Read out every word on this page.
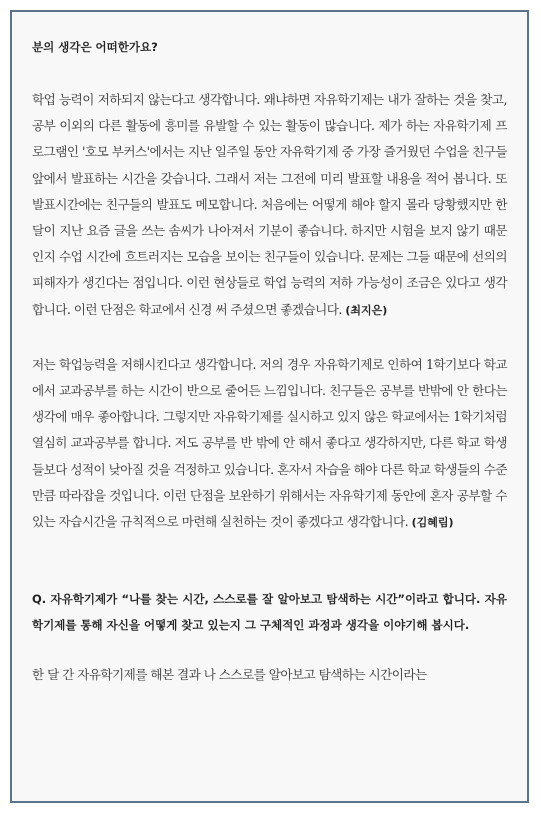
분의 생각은 어떠한가요?

학업 능력이 저하되지 않는다고 생각합니다. 왜냐하면 자유학기제는 내가 잘하는 것을 찾고, 공부 이외의 다른 활동에 흥미를 유발할 수 있는 활동이 많습니다. 제가 하는 자유학기제 프로그램인 '호모 부커스'에서는 지난 일주일 동안 자유학기제 중 가장 즐거웠던 수업을 친구들 앞에서 발표하는 시간을 갖습니다. 그래서 저는 그전에 미리 발표할 내용을 적어 봅니다. 또 발표시간에는 친구들의 발표도 메모합니다. 처음에는 어떻게 해야 할지 몰라 당황했지만 한 달이 지난 요즘 글을 쓰는 솜씨가 나아져서 기분이 좋습니다. 하지만 시험을 보지 않기 때문인지 수업 시간에 흐트러지는 모습을 보이는 친구들이 있습니다. 문제는 그들 때문에 선의의 피해자가 생긴다는 점입니다. 이런 현상들로 학업 능력의 저하 가능성이 조금은 있다고 생각합니다. 이런 단점은 학교에서 신경 써 주셨으면 좋겠습니다. (최지은)

저는 학업능력을 저해시킨다고 생각합니다. 저의 경우 자유학기제로 인하여 1학기보다 학교에서 교과공부를 하는 시간이 반으로 줄어든 느낌입니다. 친구들은 공부를 반밖에 안 한다는 생각에 매우 좋아합니다. 그렇지만 자유학기제를 실시하고 있지 않은 학교에서는 1학기처럼 열심히 교과공부를 합니다. 저도 공부를 반 밖에 안 해서 좋다고 생각하지만, 다른 학교 학생들보다 성적이 낮아질 것을 걱정하고 있습니다. 혼자서 자습을 해야 다른 학교 학생들의 수준만큼 따라잡을 것입니다. 이런 단점을 보완하기 위해서는 자유학기제 동안에 혼자 공부할 수 있는 자습시간을 규칙적으로 마련해 실천하는 것이 좋겠다고 생각합니다. (김혜림)

Q. 자유학기제가 “나를 찾는 시간, 스스로를 잘 알아보고 탐색하는 시간”이라고 합니다. 자유학기제를 통해 자신을 어떻게 찾고 있는지 그 구체적인 과정과 생각을 이야기해 봅시다.

한 달 간 자유학기제를 해본 결과 나 스스로를 알아보고 탐색하는 시간이라는
